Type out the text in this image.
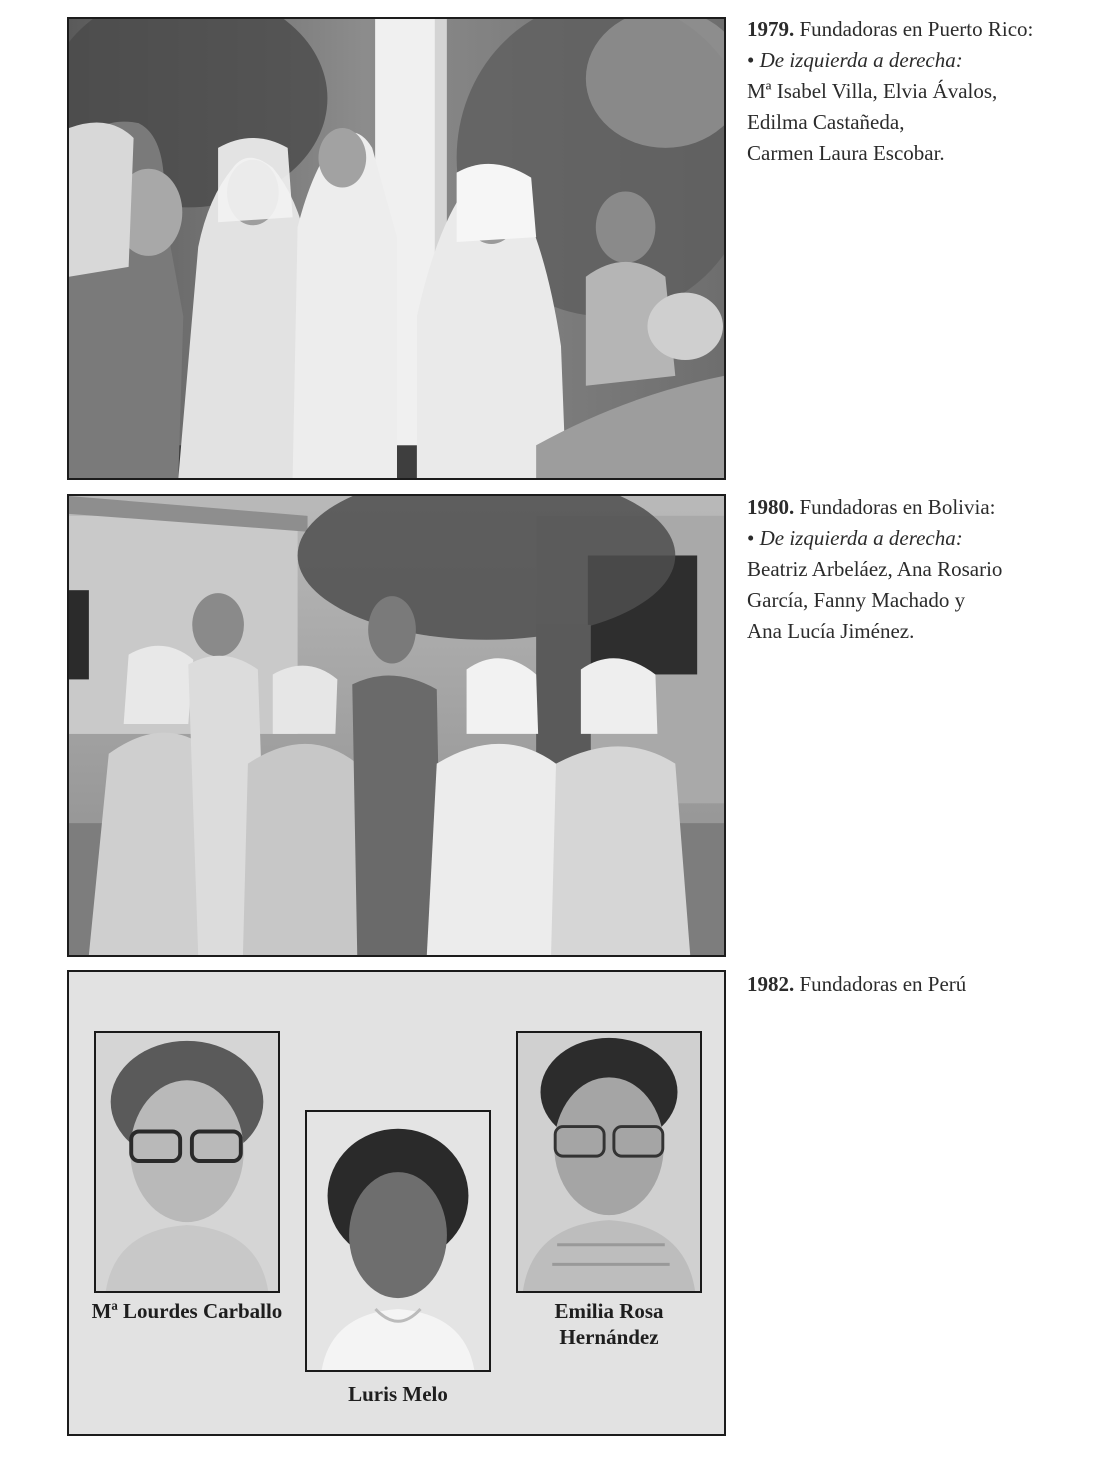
1979. Fundadoras en Puerto Rico:
• De izquierda a derecha:
Mª Isabel Villa, Elvia Ávalos,
Edilma Castañeda,
Carmen Laura Escobar.
1980. Fundadoras en Bolivia:
• De izquierda a derecha:
Beatriz Arbeláez, Ana Rosario
García, Fanny Machado y
Ana Lucía Jiménez.
Mª Lourdes Carballo
Luris Melo
Emilia Rosa
Hernández
1982. Fundadoras en Perú
